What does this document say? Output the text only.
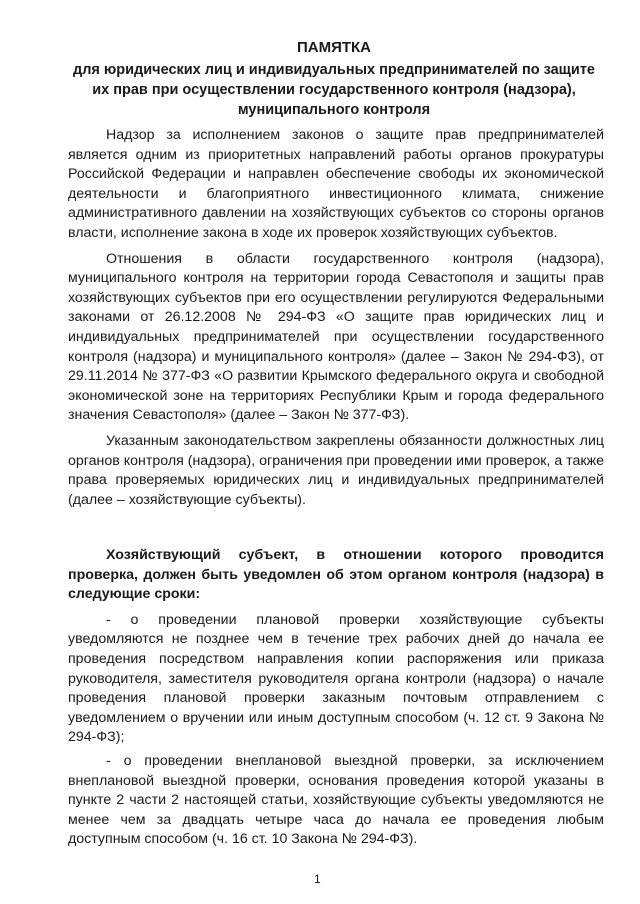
ПАМЯТКА
для юридических лиц и индивидуальных предпринимателей по защите их прав при осуществлении государственного контроля (надзора), муниципального контроля

Надзор за исполнением законов о защите прав предпринимателей является одним из приоритетных направлений работы органов прокуратуры Российской Федерации и направлен обеспечение свободы их экономической деятельности и благоприятного инвестиционного климата, снижение административного давлении на хозяйствующих субъектов со стороны органов власти, исполнение закона в ходе их проверок хозяйствующих субъектов.

Отношения в области государственного контроля (надзора), муниципального контроля на территории города Севастополя и защиты прав хозяйствующих субъектов при его осуществлении регулируются Федеральными законами от 26.12.2008 № 294-ФЗ «О защите прав юридических лиц и индивидуальных предпринимателей при осуществлении государственного контроля (надзора) и муниципального контроля» (далее – Закон № 294-ФЗ), от 29.11.2014 № 377-ФЗ «О развитии Крымского федерального округа и свободной экономической зоне на территориях Республики Крым и города федерального значения Севастополя» (далее – Закон № 377-ФЗ).

Указанным законодательством закреплены обязанности должностных лиц органов контроля (надзора), ограничения при проведении ими проверок, а также права проверяемых юридических лиц и индивидуальных предпринимателей (далее – хозяйствующие субъекты).

Хозяйствующий субъект, в отношении которого проводится проверка, должен быть уведомлен об этом органом контроля (надзора) в следующие сроки:

- о проведении плановой проверки хозяйствующие субъекты уведомляются не позднее чем в течение трех рабочих дней до начала ее проведения посредством направления копии распоряжения или приказа руководителя, заместителя руководителя органа контроли (надзора) о начале проведения плановой проверки заказным почтовым отправлением с уведомлением о вручении или иным доступным способом (ч. 12 ст. 9 Закона № 294-ФЗ);

- о проведении внеплановой выездной проверки, за исключением внеплановой выездной проверки, основания проведения которой указаны в пункте 2 части 2 настоящей статьи, хозяйствующие субъекты уведомляются не менее чем за двадцать четыре часа до начала ее проведения любым доступным способом (ч. 16 ст. 10 Закона № 294-ФЗ).

1
